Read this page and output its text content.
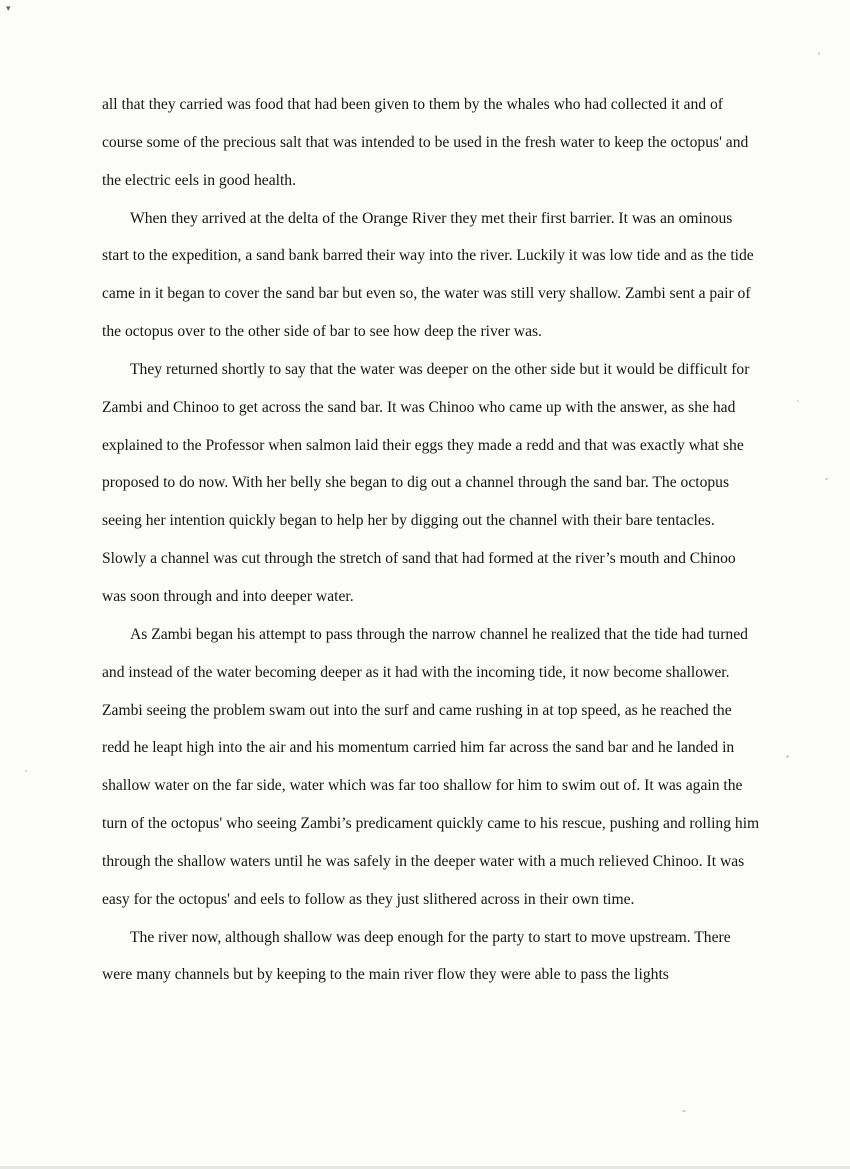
▾

all that they carried was food that had been given to them by the whales who had collected it and of course some of the precious salt that was intended to be used in the fresh water to keep the octopus' and the electric eels in good health.

When they arrived at the delta of the Orange River they met their first barrier. It was an ominous start to the expedition, a sand bank barred their way into the river. Luckily it was low tide and as the tide came in it began to cover the sand bar but even so, the water was still very shallow. Zambi sent a pair of the octopus over to the other side of bar to see how deep the river was.

They returned shortly to say that the water was deeper on the other side but it would be difficult for Zambi and Chinoo to get across the sand bar. It was Chinoo who came up with the answer, as she had explained to the Professor when salmon laid their eggs they made a redd and that was exactly what she proposed to do now. With her belly she began to dig out a channel through the sand bar. The octopus seeing her intention quickly began to help her by digging out the channel with their bare tentacles. Slowly a channel was cut through the stretch of sand that had formed at the river’s mouth and Chinoo was soon through and into deeper water.

As Zambi began his attempt to pass through the narrow channel he realized that the tide had turned and instead of the water becoming deeper as it had with the incoming tide, it now become shallower. Zambi seeing the problem swam out into the surf and came rushing in at top speed, as he reached the redd he leapt high into the air and his momentum carried him far across the sand bar and he landed in shallow water on the far side, water which was far too shallow for him to swim out of. It was again the turn of the octopus' who seeing Zambi’s predicament quickly came to his rescue, pushing and rolling him through the shallow waters until he was safely in the deeper water with a much relieved Chinoo. It was easy for the octopus' and eels to follow as they just slithered across in their own time.

The river now, although shallow was deep enough for the party to start to move upstream. There were many channels but by keeping to the main river flow they were able to pass the lights
